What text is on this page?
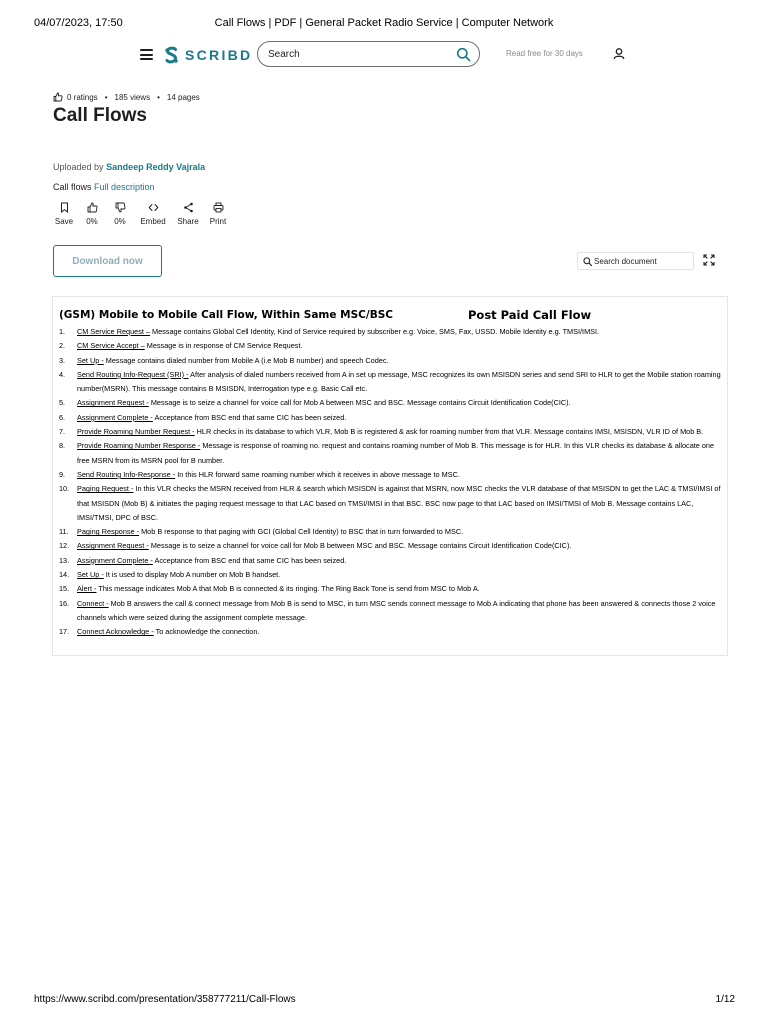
04/07/2023, 17:50	Call Flows | PDF | General Packet Radio Service | Computer Network
SCRIBD
Search	Read free for 30 days
0 ratings • 185 views • 14 pages
Call Flows
Uploaded by Sandeep Reddy Vajrala
Call flows Full description
Save	0%	0%	Embed	Share	Print
Download now
Search document
(GSM) Mobile to Mobile Call Flow, Within Same MSC/BSC	Post Paid Call Flow
1. CM Service Request – Message contains Global Cell Identity, Kind of Service required by subscriber e.g. Voice, SMS, Fax, USSD. Mobile Identity e.g. TMSI/IMSI.
2. CM Service Accept – Message is in response of CM Service Request.
3. Set Up - Message contains dialed number from Mobile A (i.e Mob B number) and speech Codec.
4. Send Routing Info-Request (SRI) - After analysis of dialed numbers received from A in set up message, MSC recognizes its own MSISDN series and send SRI to HLR to get the Mobile station roaming number(MSRN). This message contains B MSISDN, Interrogation type e.g. Basic Call etc.
5. Assignment Request - Message is to seize a channel for voice call for Mob A between MSC and BSC. Message contains Circuit Identification Code(CIC).
6. Assignment Complete - Acceptance from BSC end that same CIC has been seized.
7. Provide Roaming Number Request - HLR checks in its database to which VLR, Mob B is registered & ask for roaming number from that VLR. Message contains IMSI, MSISDN, VLR ID of Mob B.
8. Provide Roaming Number Response - Message is response of roaming no. request and contains roaming number of Mob B. This message is for HLR. In this VLR checks its database & allocate one free MSRN from its MSRN pool for B number.
9. Send Routing Info-Response - In this HLR forward same roaming number which it receives in above message to MSC.
10. Paging Request - In this VLR checks the MSRN received from HLR & search which MSISDN is against that MSRN, now MSC checks the VLR database of that MSISDN to get the LAC & TMSI/IMSI of that MSISDN (Mob B) & initiates the paging request message to that LAC based on TMSI/IMSI in that BSC. BSC now page to that LAC based on IMSI/TMSI of Mob B. Message contains LAC, IMSI/TMSI, DPC of BSC.
11. Paging Response - Mob B response to that paging with GCI (Global Cell Identity) to BSC that in turn forwarded to MSC.
12. Assignment Request - Message is to seize a channel for voice call for Mob B between MSC and BSC. Message contains Circuit Identification Code(CIC).
13. Assignment Complete - Acceptance from BSC end that same CIC has been seized.
14. Set Up - It is used to display Mob A number on Mob B handset.
15. Alert - This message indicates Mob A that Mob B is connected & its ringing. The Ring Back Tone is send from MSC to Mob A.
16. Connect - Mob B answers the call & connect message from Mob B is send to MSC, in turn MSC sends connect message to Mob A indicating that phone has been answered & connects those 2 voice channels which were seized during the assignment complete message.
17. Connect Acknowledge - To acknowledge the connection.
https://www.scribd.com/presentation/358777211/Call-Flows	1/12
